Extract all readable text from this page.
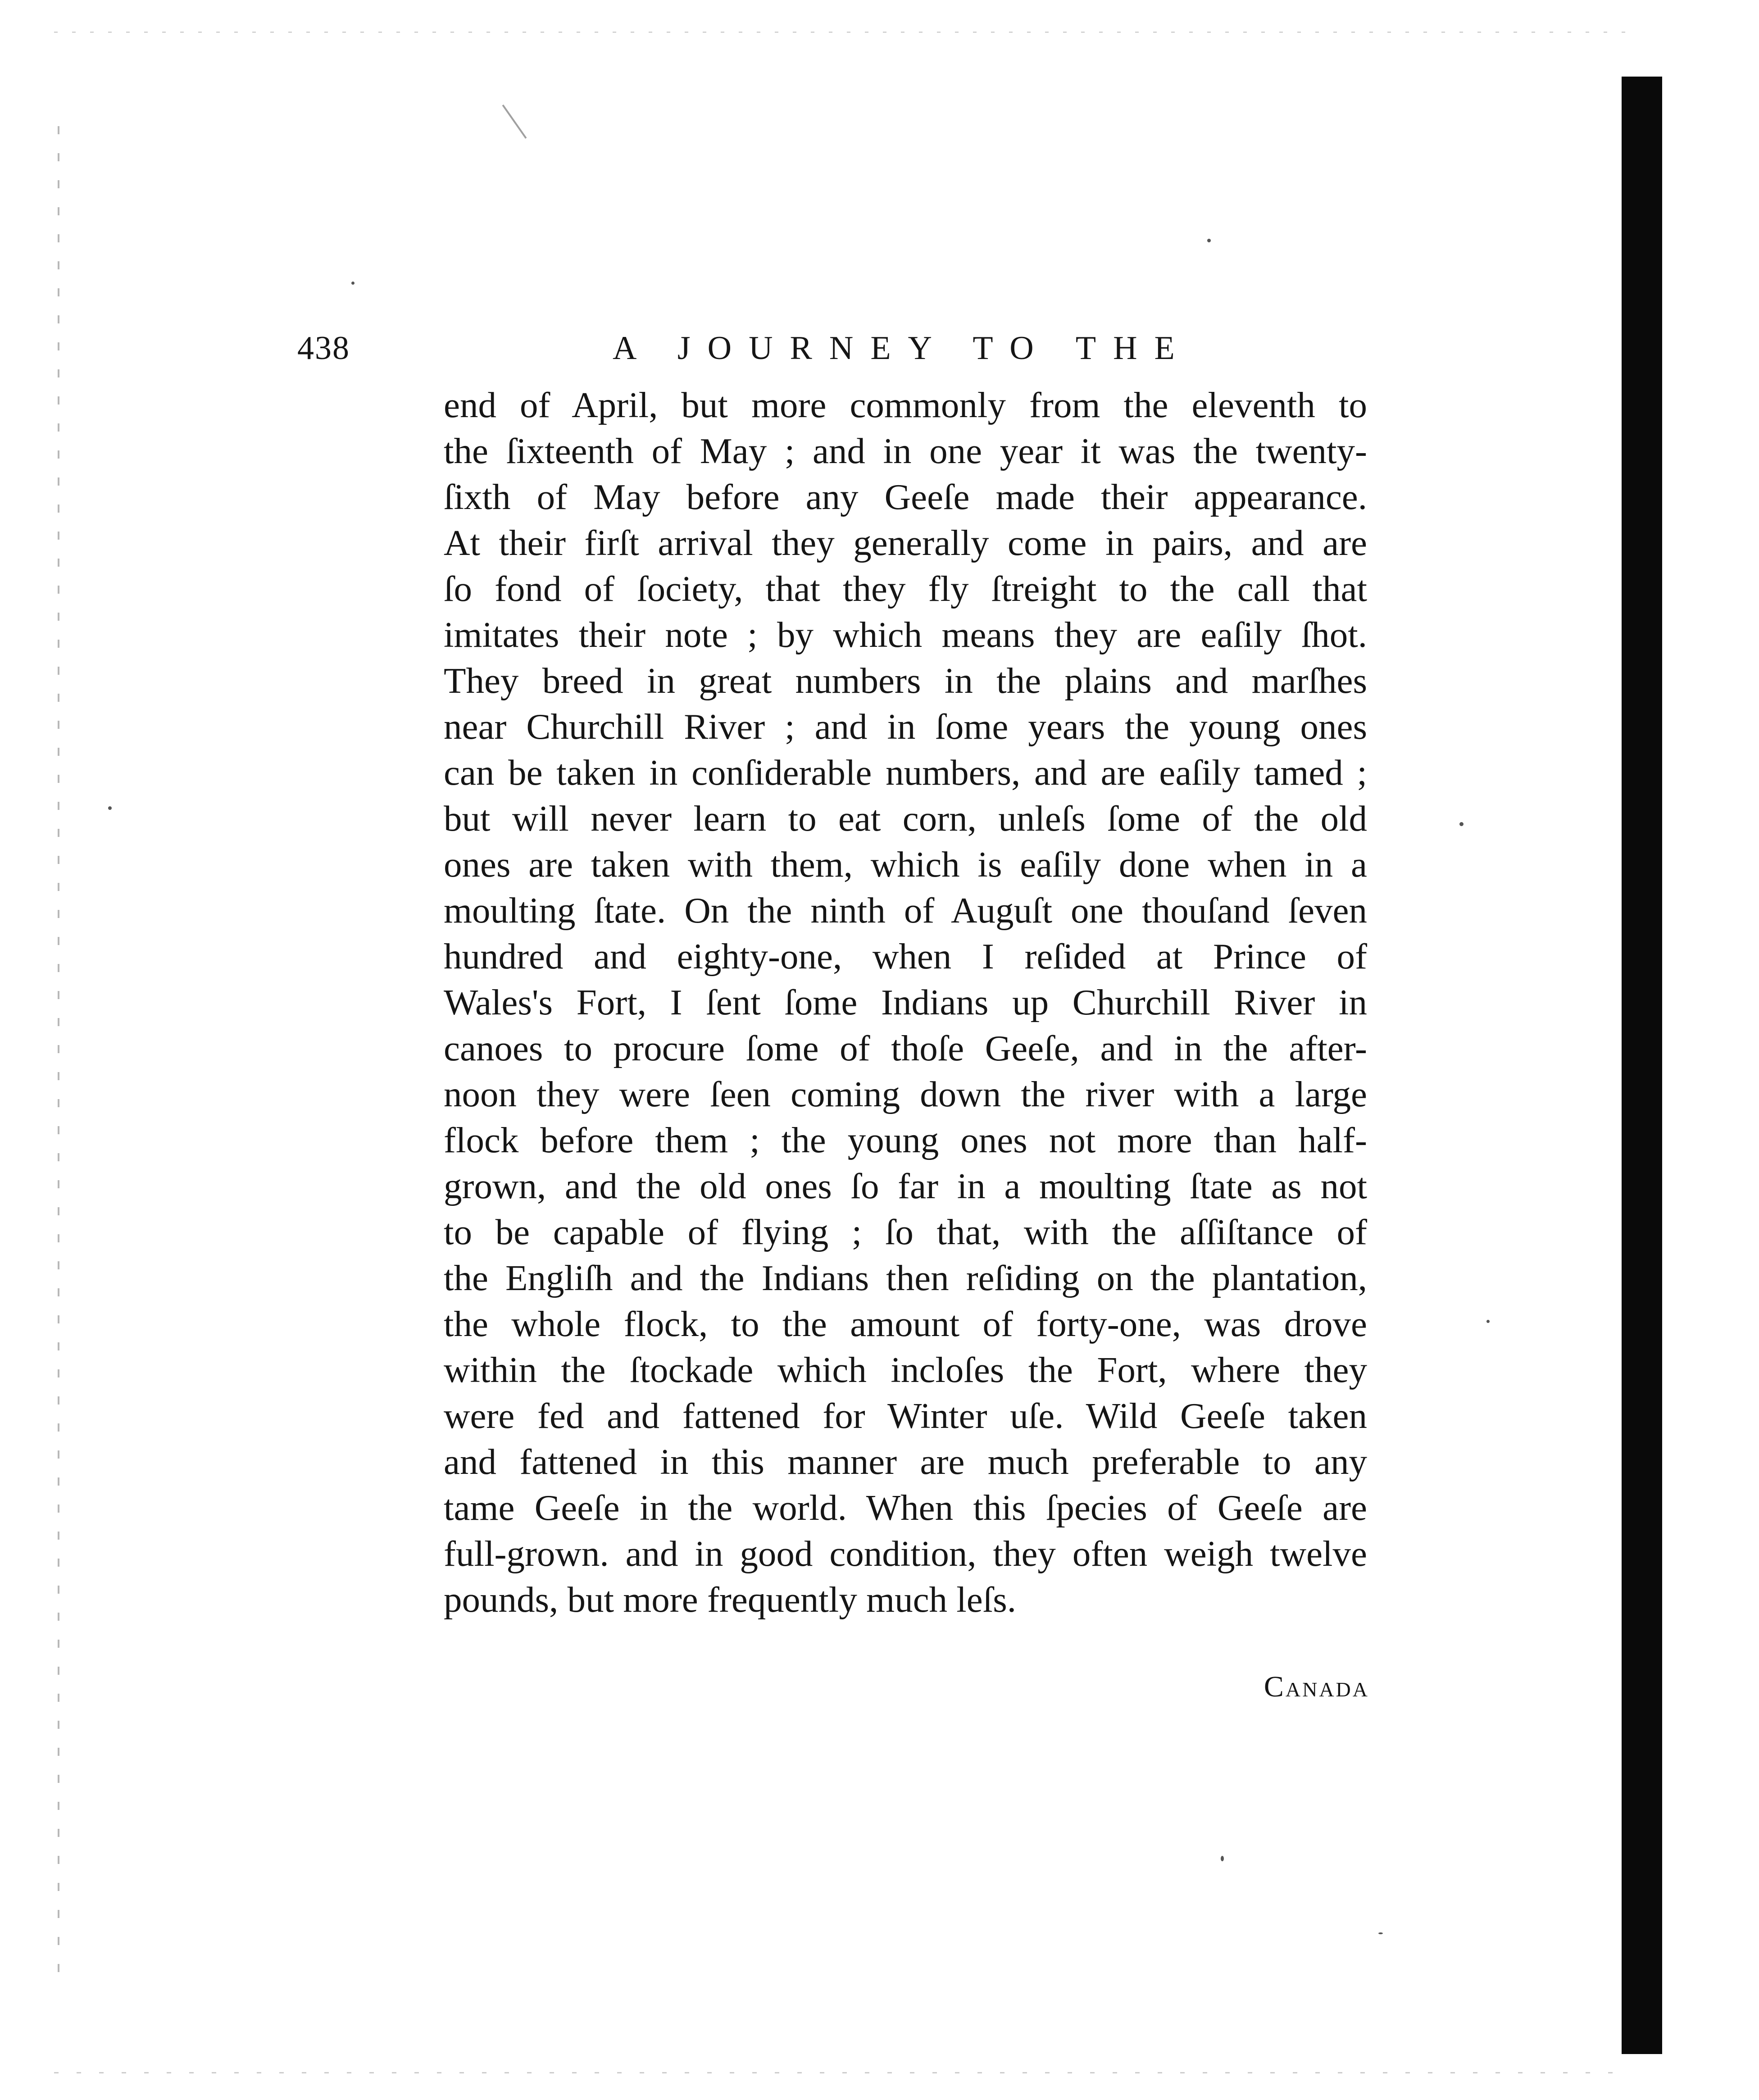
438	A JOURNEY TO THE

end of April, but more commonly from the eleventh to
the ſixteenth of May ; and in one year it was the twenty-
ſixth of May before any Geeſe made their appearance.
At their firſt arrival they generally come in pairs, and are
ſo fond of ſociety, that they fly ſtreight to the call that
imitates their note ; by which means they are eaſily ſhot.
They breed in great numbers in the plains and marſhes
near Churchill River ; and in ſome years the young ones
can be taken in conſiderable numbers, and are eaſily tamed ;
but will never learn to eat corn, unleſs ſome of the old
ones are taken with them, which is eaſily done when in a
moulting ſtate. On the ninth of Auguſt one thouſand ſeven
hundred and eighty-one, when I reſided at Prince of
Wales's Fort, I ſent ſome Indians up Churchill River in
canoes to procure ſome of thoſe Geeſe, and in the after-
noon they were ſeen coming down the river with a large
flock before them ; the young ones not more than half-
grown, and the old ones ſo far in a moulting ſtate as not
to be capable of flying ; ſo that, with the aſſiſtance of
the Engliſh and the Indians then reſiding on the plantation,
the whole flock, to the amount of forty-one, was drove
within the ſtockade which incloſes the Fort, where they
were fed and fattened for Winter uſe. Wild Geeſe taken
and fattened in this manner are much preferable to any
tame Geeſe in the world. When this ſpecies of Geeſe are
full-grown. and in good condition, they often weigh twelve
pounds, but more frequently much leſs.

Canada
